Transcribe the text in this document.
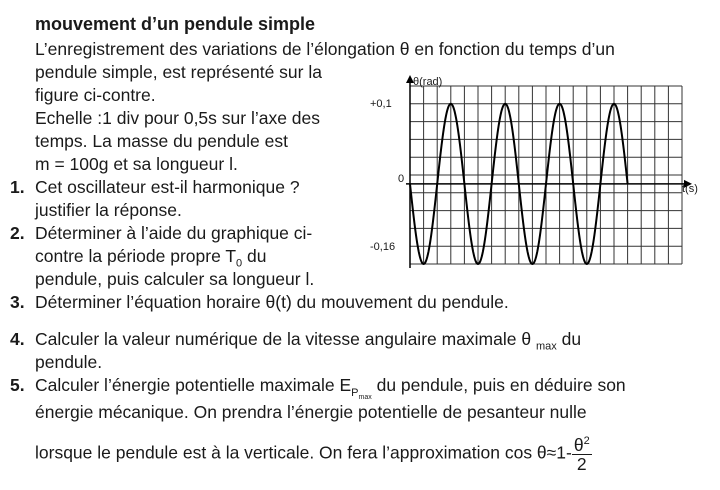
mouvement d’un pendule simple
L’enregistrement des variations de l’élongation θ en fonction du temps d’un
pendule simple, est représenté sur la
figure ci-contre.
Echelle :1 div pour 0,5s sur l’axe des
temps. La masse du pendule est
m = 100g et sa longueur l.
1. Cet oscillateur est-il harmonique ?
justifier la réponse.
2. Déterminer à l’aide du graphique ci-
contre la période propre $T_0$ du
pendule, puis calculer sa longueur l.
3. Déterminer l’équation horaire θ(t) du mouvement du pendule.
4. Calculer la valeur numérique de la vitesse angulaire maximale θ $_{max}$ du
pendule.
5. Calculer l’énergie potentielle maximale $E_{P_{max}}$ du pendule, puis en déduire son
énergie mécanique. On prendra l’énergie potentielle de pesanteur nulle
lorsque le pendule est à la verticale. On fera l’approximation $\cos \theta\approx 1- \frac{\theta^2}{2}$
θ(rad)
t(s)
+0,1
0
-0,16
